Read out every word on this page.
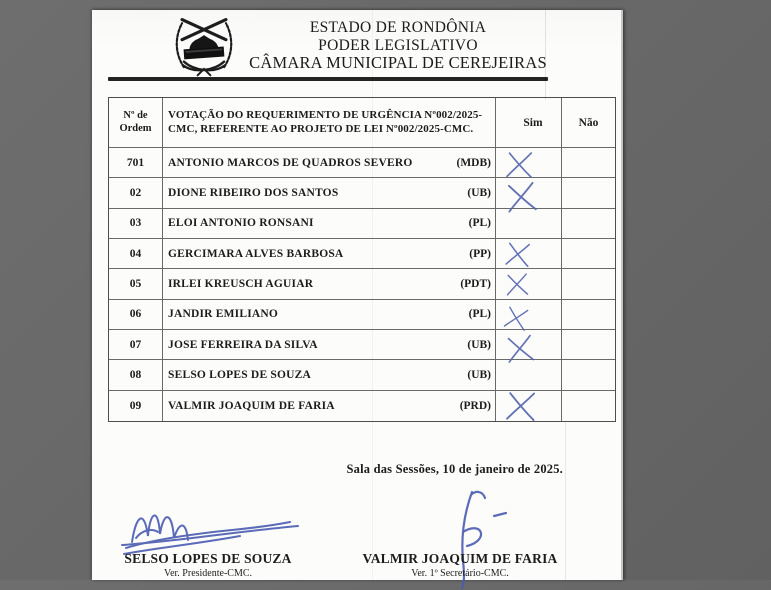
ESTADO DE RONDÔNIA
PODER LEGISLATIVO
CÂMARA MUNICIPAL DE CEREJEIRAS
Nº de Ordem
VOTAÇÃO DO REQUERIMENTO DE URGÊNCIA Nº002/2025-CMC, REFERENTE AO PROJETO DE LEI Nº002/2025-CMC.	Sim	Não
701 ANTONIO MARCOS DE QUADROS SEVERO	(MDB)
02 DIONE RIBEIRO DOS SANTOS	(UB)
03 ELOI ANTONIO RONSANI	(PL)
04 GERCIMARA ALVES BARBOSA	(PP)
05 IRLEI KREUSCH AGUIAR	(PDT)
06 JANDIR EMILIANO	(PL)
07 JOSE FERREIRA DA SILVA	(UB)
08 SELSO LOPES DE SOUZA	(UB)
09 VALMIR JOAQUIM DE FARIA	(PRD)
Sala das Sessões, 10 de janeiro de 2025.
SELSO LOPES DE SOUZA
Ver. Presidente-CMC.
VALMIR JOAQUIM DE FARIA
Ver. 1º Secretário-CMC.
